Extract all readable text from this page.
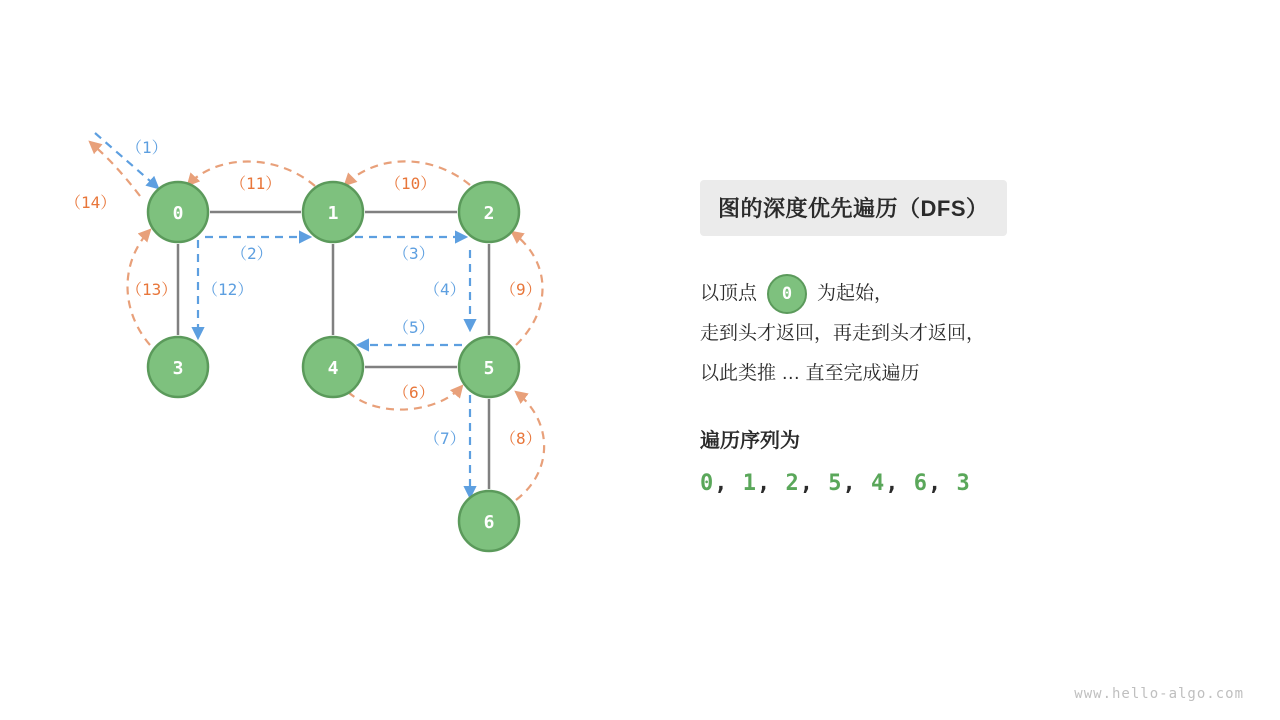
（1）
（2）	（3）
（4）
（5）
（6）
（7） （8）
（9）
（10）
（11）
（12）
（13）
（14）
0	1	2
3	4	5
6
图的深度优先遍历（DFS）
以顶点	0	为起始，
走到头才返回，再走到头才返回，
以此类推 … 直至完成遍历
遍历序列为
0, 1, 2, 5, 4, 6, 3
www.hello-algo.com
